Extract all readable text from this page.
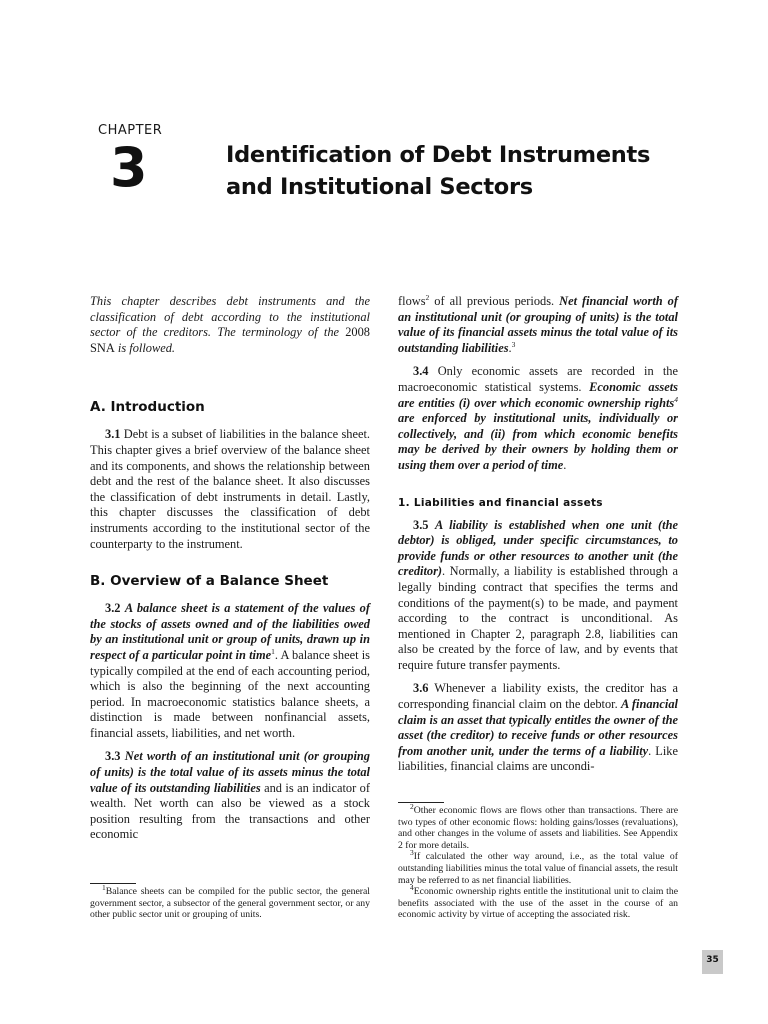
CHAPTER
3	Identification of Debt Instruments
and Institutional Sectors

This chapter describes debt instruments and the classification of debt according to the institutional sector of the creditors. The terminology of the 2008 SNA is followed.

A. Introduction

3.1 Debt is a subset of liabilities in the balance sheet. This chapter gives a brief overview of the balance sheet and its components, and shows the relationship between debt and the rest of the balance sheet. It also discusses the classification of debt instruments in detail. Lastly, this chapter discusses the classification of debt instruments according to the institutional sector of the counterparty to the instrument.

B. Overview of a Balance Sheet

3.2 A balance sheet is a statement of the values of the stocks of assets owned and of the liabilities owed by an institutional unit or group of units, drawn up in respect of a particular point in time$^1$. A balance sheet is typically compiled at the end of each accounting period, which is also the beginning of the next accounting period. In macroeconomic statistics balance sheets, a distinction is made between nonfinancial assets, financial assets, liabilities, and net worth.

3.3 Net worth of an institutional unit (or grouping of units) is the total value of its assets minus the total value of its outstanding liabilities and is an indicator of wealth. Net worth can also be viewed as a stock position resulting from the transactions and other economic

flows$^2$ of all previous periods. Net financial worth of an institutional unit (or grouping of units) is the total value of its financial assets minus the total value of its outstanding liabilities.$^3$

3.4 Only economic assets are recorded in the macroeconomic statistical systems. Economic assets are entities (i) over which economic ownership rights$^4$ are enforced by institutional units, individually or collectively, and (ii) from which economic benefits may be derived by their owners by holding them or using them over a period of time.

1. Liabilities and financial assets

3.5 A liability is established when one unit (the debtor) is obliged, under specific circumstances, to provide funds or other resources to another unit (the creditor). Normally, a liability is established through a legally binding contract that specifies the terms and conditions of the payment(s) to be made, and payment according to the contract is unconditional. As mentioned in Chapter 2, paragraph 2.8, liabilities can also be created by the force of law, and by events that require future transfer payments.

3.6 Whenever a liability exists, the creditor has a corresponding financial claim on the debtor. A financial claim is an asset that typically entitles the owner of the asset (the creditor) to receive funds or other resources from another unit, under the terms of a liability. Like liabilities, financial claims are uncondi-

$^1$Balance sheets can be compiled for the public sector, the general government sector, a subsector of the general government sector, or any other public sector unit or grouping of units.

$^2$Other economic flows are flows other than transactions. There are two types of other economic flows: holding gains/losses (revaluations), and other changes in the volume of assets and liabilities. See Appendix 2 for more details.

$^3$If calculated the other way around, i.e., as the total value of outstanding liabilities minus the total value of financial assets, the result may be referred to as net financial liabilities.

$^4$Economic ownership rights entitle the institutional unit to claim the benefits associated with the use of the asset in the course of an economic activity by virtue of accepting the associated risk.

35
